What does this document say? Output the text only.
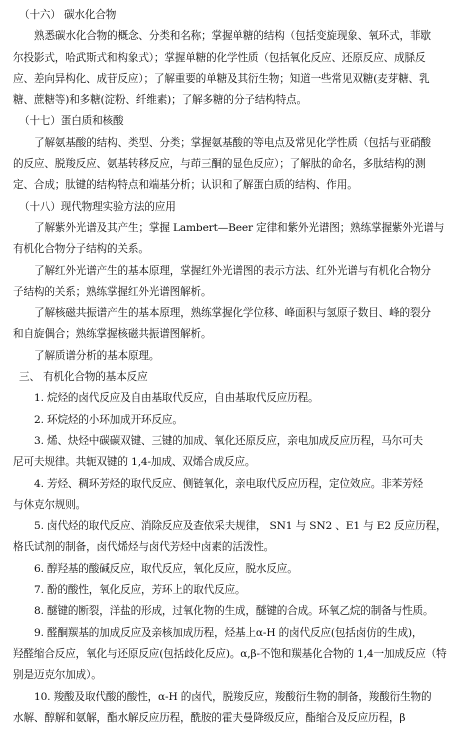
（十六） 碳水化合物
熟悉碳水化合物的概念、分类和名称；掌握单糖的结构（包括变旋现象、氧环式，菲歇
尔投影式，哈武斯式和构象式）；掌握单糖的化学性质（包括氧化反应、还原反应、成脎反
应、差向异构化、成苷反应）；了解重要的单糖及其衍生物；知道一些常见双糖(麦芽糖、乳
糖、蔗糖等)和多糖(淀粉、纤维素)；了解多糖的分子结构特点。
（十七）蛋白质和核酸
了解氨基酸的结构、类型、分类；掌握氨基酸的等电点及常见化学性质（包括与亚硝酸
的反应、脱羧反应、氨基转移反应，与茚三酮的显色反应）；了解肽的命名，多肽结构的测
定、合成；肽键的结构特点和端基分析；认识和了解蛋白质的结构、作用。
（十八）现代物理实验方法的应用
了解紫外光谱及其产生；掌握 Lambert—Beer 定律和紫外光谱图；熟练掌握紫外光谱与
有机化合物分子结构的关系。
了解红外光谱产生的基本原理，掌握红外光谱图的表示方法、红外光谱与有机化合物分
子结构的关系；熟练掌握红外光谱图解析。
了解核磁共振谱产生的基本原理，熟练掌握化学位移、峰面积与氢原子数目、峰的裂分
和自旋偶合；熟练掌握核磁共振谱图解析。
了解质谱分析的基本原理。
三、 有机化合物的基本反应
1. 烷烃的卤代反应及自由基取代反应，自由基取代反应历程。
2. 环烷烃的小环加成开环反应。
3. 烯、炔烃中碳碳双键、三键的加成、氧化还原反应，亲电加成反应历程，马尔可夫
尼可夫规律。共轭双键的 1,4-加成、双烯合成反应。
4. 芳烃、稠环芳烃的取代反应、侧链氧化，亲电取代反应历程，定位效应。非苯芳烃
与休克尔规则。
5. 卤代烃的取代反应、消除反应及查依采夫规律， SN1 与 SN2 、E1 与 E2 反应历程，
格氏试剂的制备，卤代烯烃与卤代芳烃中卤素的活泼性。
6. 醇羟基的酸碱反应，取代反应，氧化反应，脱水反应。
7. 酚的酸性，氧化反应，芳环上的取代反应。
8. 醚键的断裂，洋盐的形成，过氧化物的生成，醚键的合成。环氧乙烷的制备与性质。
9. 醛酮羰基的加成反应及亲核加成历程，烃基上α-H 的卤代反应(包括卤仿的生成)，
羟醛缩合反应，氧化与还原反应(包括歧化反应)。α,β-不饱和羰基化合物的 1,4一加成反应（特
别是迈克尔加成）。
10. 羧酸及取代酸的酸性，α-H 的卤代，脱羧反应，羧酸衍生物的制备，羧酸衍生物的
水解、醇解和氨解，酯水解反应历程，酰胺的霍夫曼降级反应，酯缩合及反应历程，β
